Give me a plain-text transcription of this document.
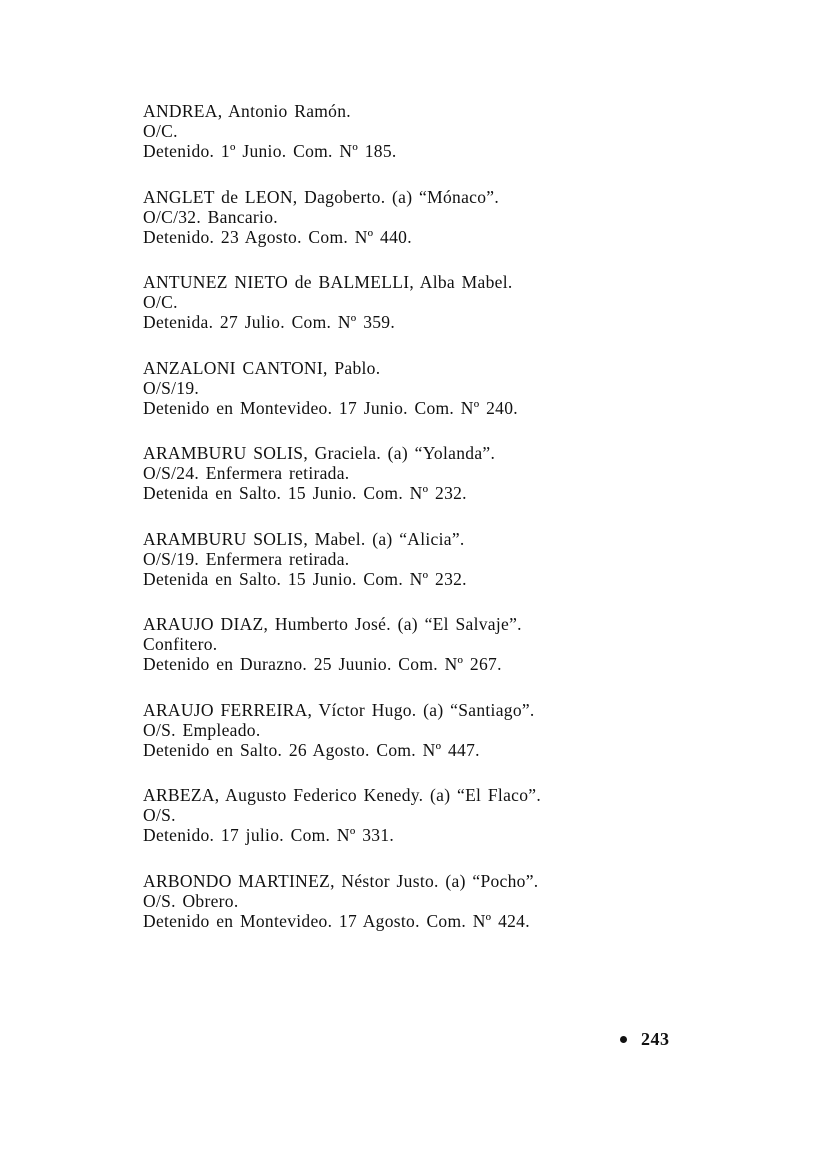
ANDREA, Antonio Ramón.
O/C.
Detenido. 1º Junio. Com. Nº 185.
ANGLET de LEON, Dagoberto. (a) “Mónaco”.
O/C/32. Bancario.
Detenido. 23 Agosto. Com. Nº 440.
ANTUNEZ NIETO de BALMELLI, Alba Mabel.
O/C.
Detenida. 27 Julio. Com. Nº 359.
ANZALONI CANTONI, Pablo.
O/S/19.
Detenido en Montevideo. 17 Junio. Com. Nº 240.
ARAMBURU SOLIS, Graciela. (a) “Yolanda”.
O/S/24. Enfermera retirada.
Detenida en Salto. 15 Junio. Com. Nº 232.
ARAMBURU SOLIS, Mabel. (a) “Alicia”.
O/S/19. Enfermera retirada.
Detenida en Salto. 15 Junio. Com. Nº 232.
ARAUJO DIAZ, Humberto José. (a) “El Salvaje”.
Confitero.
Detenido en Durazno. 25 Juunio. Com. Nº 267.
ARAUJO FERREIRA, Víctor Hugo. (a) “Santiago”.
O/S. Empleado.
Detenido en Salto. 26 Agosto. Com. Nº 447.
ARBEZA, Augusto Federico Kenedy. (a) “El Flaco”.
O/S.
Detenido. 17 julio. Com. Nº 331.
ARBONDO MARTINEZ, Néstor Justo. (a) “Pocho”.
O/S. Obrero.
Detenido en Montevideo. 17 Agosto. Com. Nº 424.
243
